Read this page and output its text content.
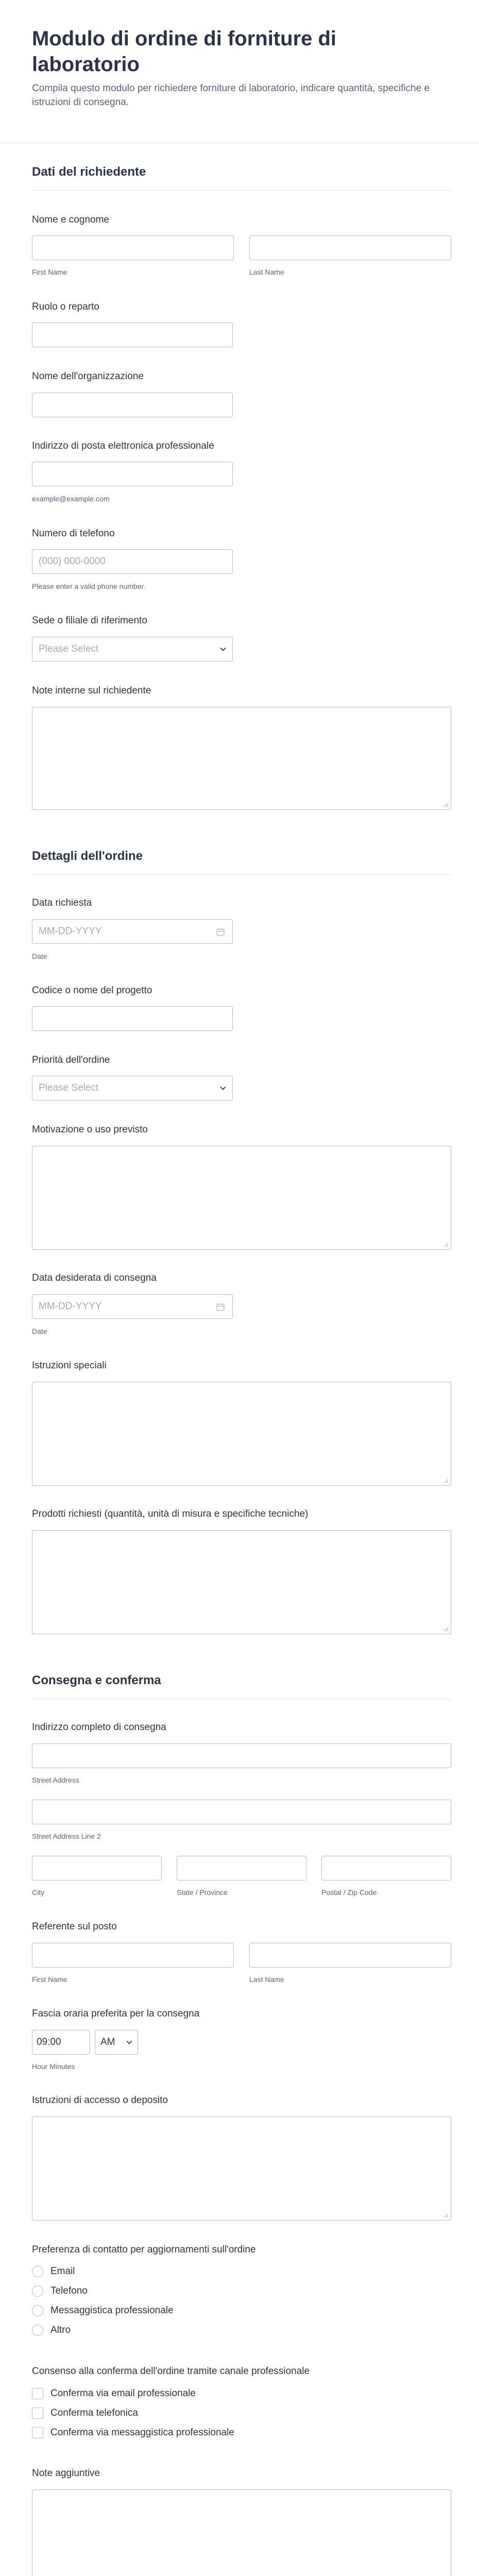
Modulo di ordine di forniture di laboratorio

Compila questo modulo per richiedere forniture di laboratorio, indicare quantità, specifiche e istruzioni di consegna.

Dati del richiedente
Nome e cognome
First Name	Last Name
Ruolo o reparto
Nome dell'organizzazione
Indirizzo di posta elettronica professionale
example@example.com
Numero di telefono
(000) 000-0000
Please enter a valid phone number.
Sede o filiale di riferimento
Please Select
Note interne sul richiedente
Dettagli dell'ordine
Data richiesta
MM-DD-YYYY
Date
Codice o nome del progetto
Priorità dell'ordine
Please Select
Motivazione o uso previsto
Data desiderata di consegna
MM-DD-YYYY
Date
Istruzioni speciali
Prodotti richiesti (quantità, unità di misura e specifiche tecniche)
Consegna e conferma
Indirizzo completo di consegna
Street Address
Street Address Line 2
City	State / Province	Postal / Zip Code
Referente sul posto
First Name	Last Name
Fascia oraria preferita per la consegna
09:00	AM
Hour Minutes
Istruzioni di accesso o deposito
Preferenza di contatto per aggiornamenti sull'ordine
Email
Telefono
Messaggistica professionale
Altro
Consenso alla conferma dell'ordine tramite canale professionale
Conferma via email professionale
Conferma telefonica
Conferma via messaggistica professionale
Note aggiuntive
